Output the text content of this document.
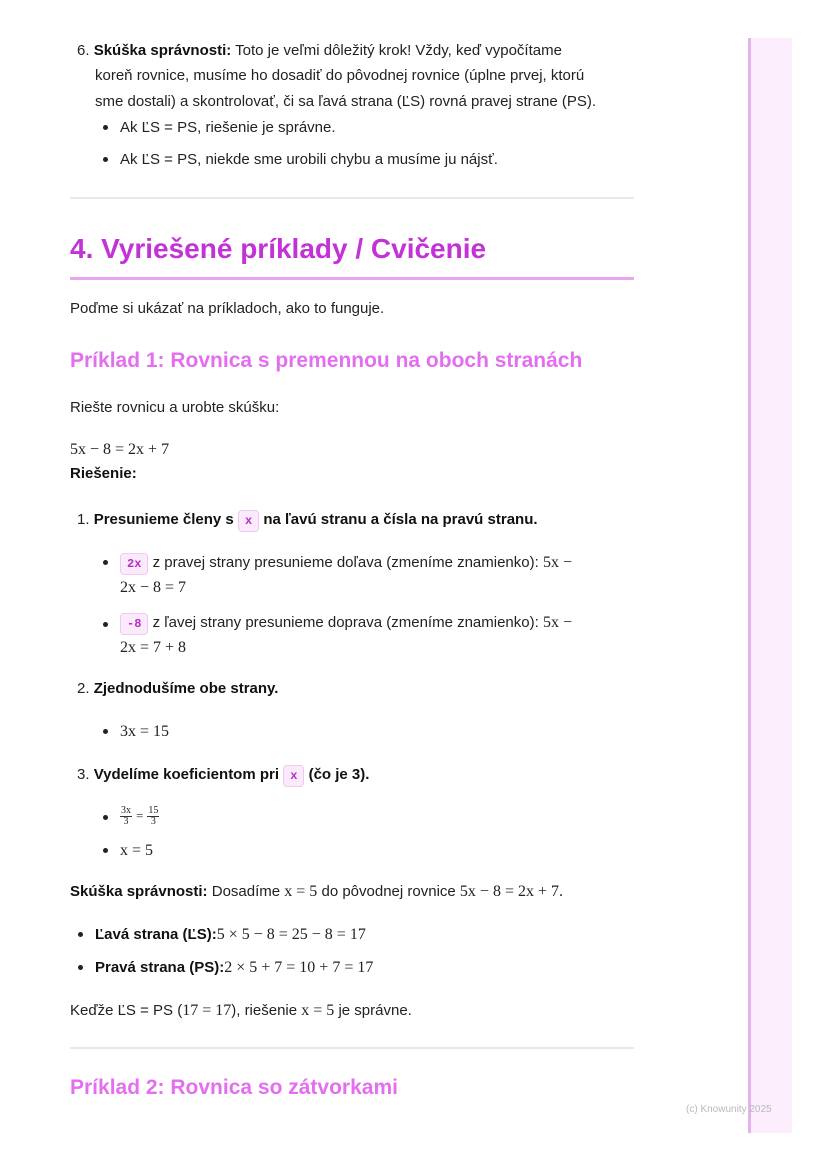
6. Skúška správnosti: Toto je veľmi dôležitý krok! Vždy, keď vypočítame
koreň rovnice, musíme ho dosadiť do pôvodnej rovnice (úplne prvej, ktorú
sme dostali) a skontrolovať, či sa ľavá strana (ĽS) rovná pravej strane (PS).
Ak ĽS = PS, riešenie je správne.
Ak ĽS = PS, niekde sme urobili chybu a musíme ju nájsť.
4. Vyriešené príklady / Cvičenie
Poďme si ukázať na príkladoch, ako to funguje.
Príklad 1: Rovnica s premennou na oboch stranách
Riešte rovnicu a urobte skúšku:
5x − 8 = 2x + 7
Riešenie:
1. Presunieme členy s x na ľavú stranu a čísla na pravú stranu.
2x z pravej strany presunieme doľava (zmeníme znamienko): 5x −
2x − 8 = 7
-8 z ľavej strany presunieme doprava (zmeníme znamienko): 5x −
2x = 7 + 8
2. Zjednodušíme obe strany.
3x = 15
3. Vydelíme koeficientom pri x (čo je 3).
$\frac{3x}{3} = \frac{15}{3}$
x = 5
Skúška správnosti: Dosadíme x = 5 do pôvodnej rovnice 5x − 8 = 2x + 7.
Ľavá strana (ĽS):5 × 5 − 8 = 25 − 8 = 17
Pravá strana (PS):2 × 5 + 7 = 10 + 7 = 17
Keďže ĽS = PS (17 = 17), riešenie x = 5 je správne.
Príklad 2: Rovnica so zátvorkami
(c) Knowunity 2025
